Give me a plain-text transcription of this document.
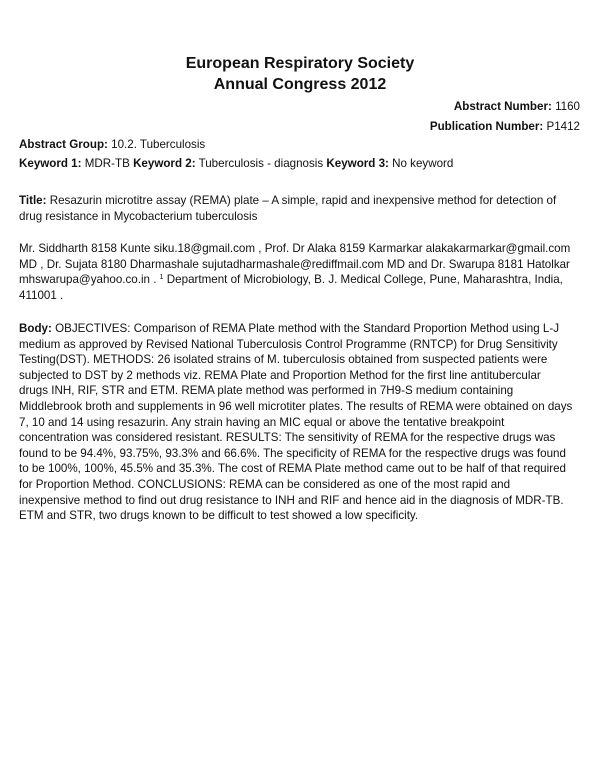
European Respiratory Society
Annual Congress 2012
Abstract Number: 1160
Publication Number: P1412
Abstract Group: 10.2. Tuberculosis
Keyword 1: MDR-TB Keyword 2: Tuberculosis - diagnosis Keyword 3: No keyword
Title: Resazurin microtitre assay (REMA) plate – A simple, rapid and inexpensive method for detection of
drug resistance in Mycobacterium tuberculosis
Mr. Siddharth 8158 Kunte siku.18@gmail.com , Prof. Dr Alaka 8159 Karmarkar alakakarmarkar@gmail.com
MD , Dr. Sujata 8180 Dharmashale sujutadharmashale@rediffmail.com MD and Dr. Swarupa 8181 Hatolkar
mhswarupa@yahoo.co.in . $^1$ Department of Microbiology, B. J. Medical College, Pune, Maharashtra, India,
411001 .
Body: OBJECTIVES: Comparison of REMA Plate method with the Standard Proportion Method using L-J
medium as approved by Revised National Tuberculosis Control Programme (RNTCP) for Drug Sensitivity
Testing(DST). METHODS: 26 isolated strains of M. tuberculosis obtained from suspected patients were
subjected to DST by 2 methods viz. REMA Plate and Proportion Method for the first line antitubercular
drugs INH, RIF, STR and ETM. REMA plate method was performed in 7H9-S medium containing
Middlebrook broth and supplements in 96 well microtiter plates. The results of REMA were obtained on days
7, 10 and 14 using resazurin. Any strain having an MIC equal or above the tentative breakpoint
concentration was considered resistant. RESULTS: The sensitivity of REMA for the respective drugs was
found to be 94.4%, 93.75%, 93.3% and 66.6%. The specificity of REMA for the respective drugs was found
to be 100%, 100%, 45.5% and 35.3%. The cost of REMA Plate method came out to be half of that required
for Proportion Method. CONCLUSIONS: REMA can be considered as one of the most rapid and
inexpensive method to find out drug resistance to INH and RIF and hence aid in the diagnosis of MDR-TB.
ETM and STR, two drugs known to be difficult to test showed a low specificity.
